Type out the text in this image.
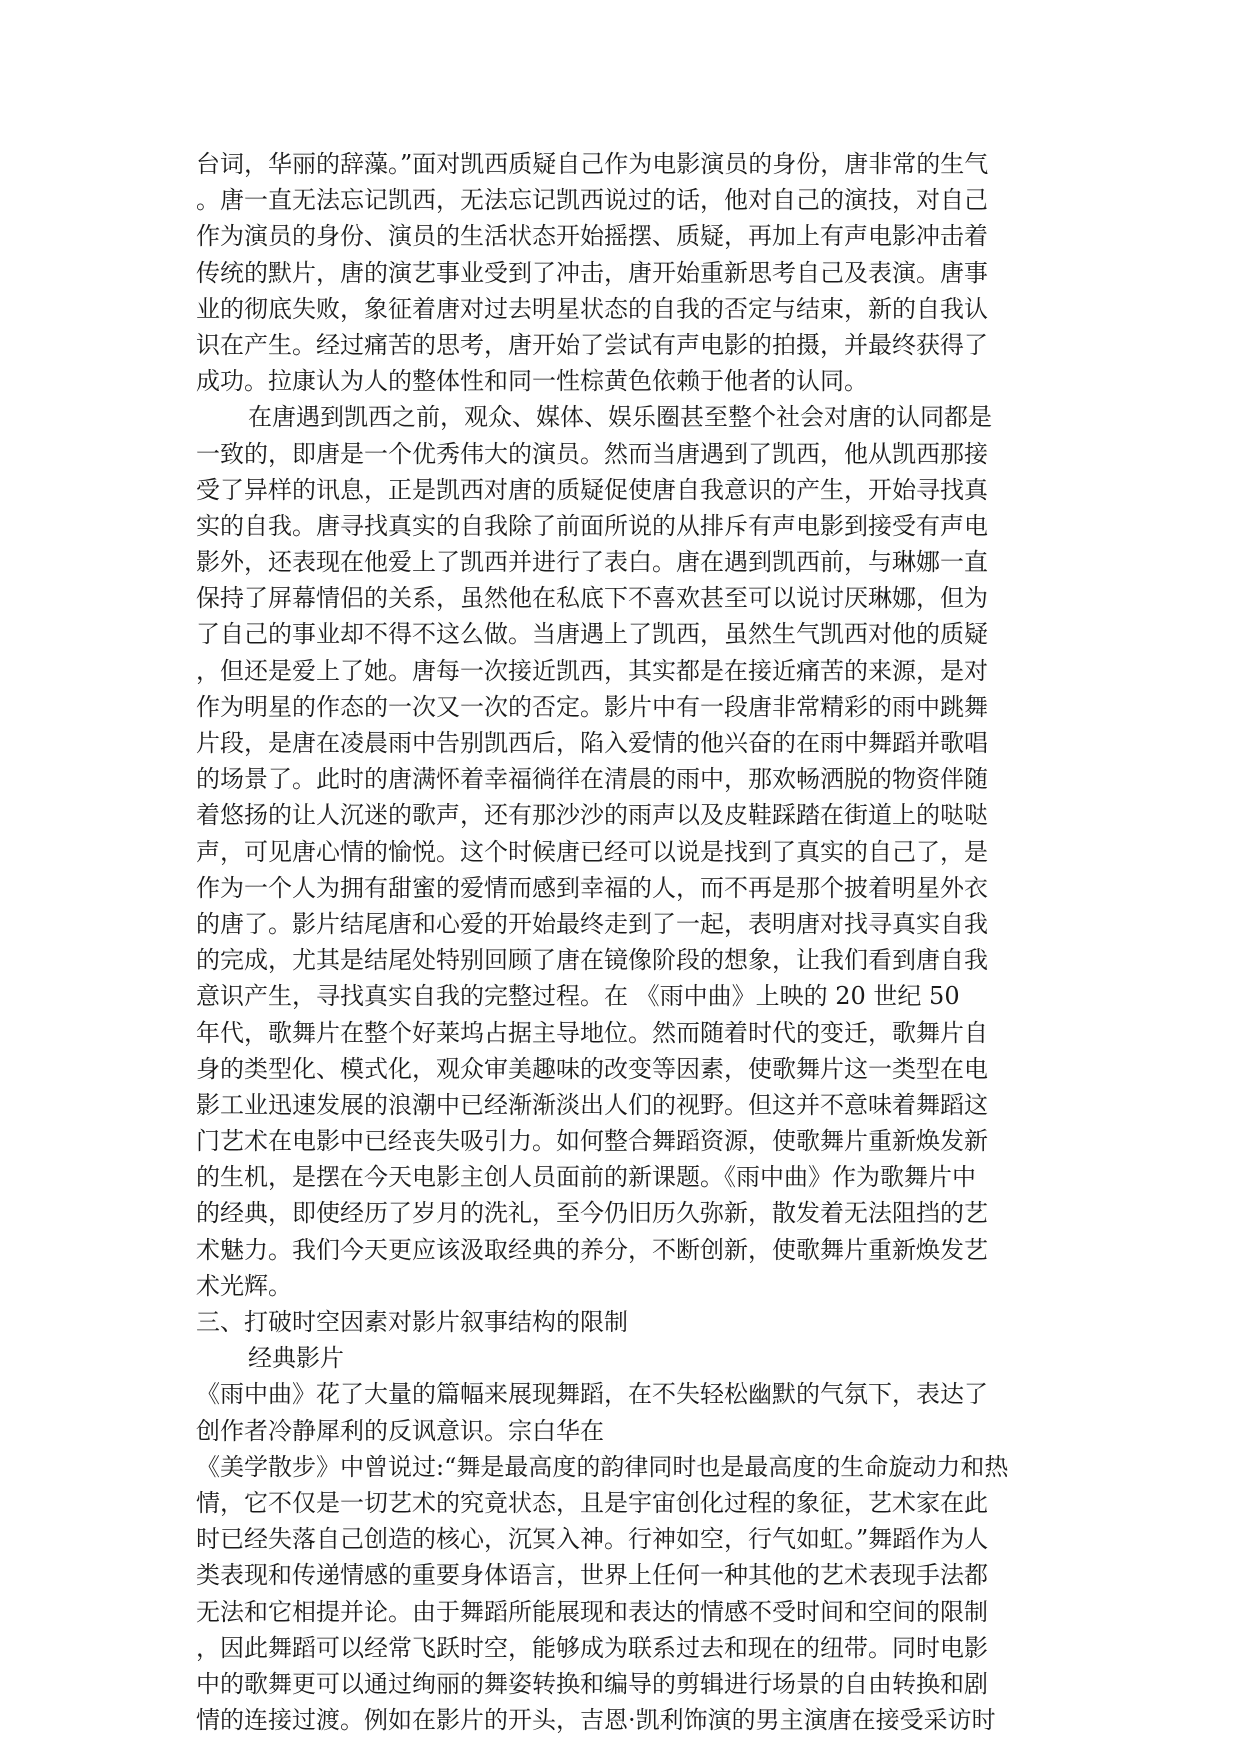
台词，华丽的辞藻。”面对凯西质疑自己作为电影演员的身份，唐非常的生气
。唐一直无法忘记凯西，无法忘记凯西说过的话，他对自己的演技，对自己
作为演员的身份、演员的生活状态开始摇摆、质疑，再加上有声电影冲击着
传统的默片，唐的演艺事业受到了冲击，唐开始重新思考自己及表演。唐事
业的彻底失败，象征着唐对过去明星状态的自我的否定与结束，新的自我认
识在产生。经过痛苦的思考，唐开始了尝试有声电影的拍摄，并最终获得了
成功。拉康认为人的整体性和同一性棕黄色依赖于他者的认同。
在唐遇到凯西之前，观众、媒体、娱乐圈甚至整个社会对唐的认同都是
一致的，即唐是一个优秀伟大的演员。然而当唐遇到了凯西，他从凯西那接
受了异样的讯息，正是凯西对唐的质疑促使唐自我意识的产生，开始寻找真
实的自我。唐寻找真实的自我除了前面所说的从排斥有声电影到接受有声电
影外，还表现在他爱上了凯西并进行了表白。唐在遇到凯西前，与琳娜一直
保持了屏幕情侣的关系，虽然他在私底下不喜欢甚至可以说讨厌琳娜，但为
了自己的事业却不得不这么做。当唐遇上了凯西，虽然生气凯西对他的质疑
，但还是爱上了她。唐每一次接近凯西，其实都是在接近痛苦的来源，是对
作为明星的作态的一次又一次的否定。影片中有一段唐非常精彩的雨中跳舞
片段，是唐在凌晨雨中告别凯西后，陷入爱情的他兴奋的在雨中舞蹈并歌唱
的场景了。此时的唐满怀着幸福徜徉在清晨的雨中，那欢畅洒脱的物资伴随
着悠扬的让人沉迷的歌声，还有那沙沙的雨声以及皮鞋踩踏在街道上的哒哒
声，可见唐心情的愉悦。这个时候唐已经可以说是找到了真实的自己了，是
作为一个人为拥有甜蜜的爱情而感到幸福的人，而不再是那个披着明星外衣
的唐了。影片结尾唐和心爱的开始最终走到了一起，表明唐对找寻真实自我
的完成，尤其是结尾处特别回顾了唐在镜像阶段的想象，让我们看到唐自我
意识产生，寻找真实自我的完整过程。在 《雨中曲》上映的 20 世纪 50
年代，歌舞片在整个好莱坞占据主导地位。然而随着时代的变迁，歌舞片自
身的类型化、模式化，观众审美趣味的改变等因素，使歌舞片这一类型在电
影工业迅速发展的浪潮中已经渐渐淡出人们的视野。但这并不意味着舞蹈这
门艺术在电影中已经丧失吸引力。如何整合舞蹈资源，使歌舞片重新焕发新
的生机，是摆在今天电影主创人员面前的新课题。《雨中曲》作为歌舞片中
的经典，即使经历了岁月的洗礼，至今仍旧历久弥新，散发着无法阻挡的艺
术魅力。我们今天更应该汲取经典的养分，不断创新，使歌舞片重新焕发艺
术光辉。
三、打破时空因素对影片叙事结构的限制
经典影片
《雨中曲》花了大量的篇幅来展现舞蹈，在不失轻松幽默的气氛下，表达了
创作者冷静犀利的反讽意识。宗白华在
《美学散步》中曾说过:“舞是最高度的韵律同时也是最高度的生命旋动力和热
情，它不仅是一切艺术的究竟状态，且是宇宙创化过程的象征，艺术家在此
时已经失落自己创造的核心，沉冥入神。行神如空，行气如虹。”舞蹈作为人
类表现和传递情感的重要身体语言，世界上任何一种其他的艺术表现手法都
无法和它相提并论。由于舞蹈所能展现和表达的情感不受时间和空间的限制
，因此舞蹈可以经常飞跃时空，能够成为联系过去和现在的纽带。同时电影
中的歌舞更可以通过绚丽的舞姿转换和编导的剪辑进行场景的自由转换和剧
情的连接过渡。例如在影片的开头，吉恩·凯利饰演的男主演唐在接受采访时
